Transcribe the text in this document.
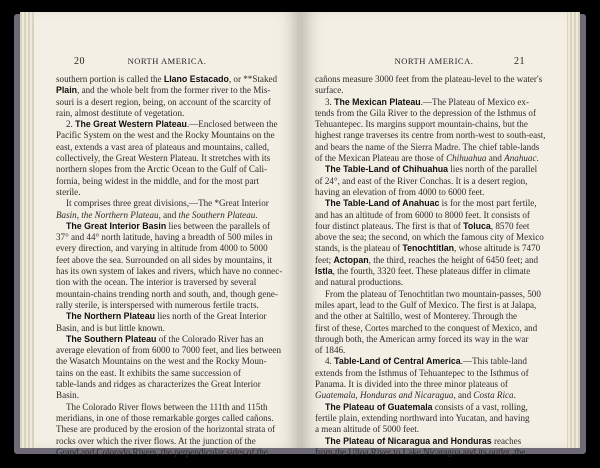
20	NORTH AMERICA.
southern portion is called the Llano Estacado, or **Staked
Plain, and the whole belt from the former river to the Mis-
souri is a desert region, being, on account of the scarcity of
rain, almost destitute of vegetation.
2. The Great Western Plateau.—Enclosed between the
Pacific System on the west and the Rocky Mountains on the
east, extends a vast area of plateaus and mountains, called,
collectively, the Great Western Plateau. It stretches with its
northern slopes from the Arctic Ocean to the Gulf of Cali-
fornia, being widest in the middle, and for the most part
sterile.
It comprises three great divisions,—The *Great Interior
Basin, the Northern Plateau, and the Southern Plateau.
The Great Interior Basin lies between the parallels of
37° and 44° north latitude, having a breadth of 500 miles in
every direction, and varying in altitude from 4000 to 5000
feet above the sea. Surrounded on all sides by mountains, it
has its own system of lakes and rivers, which have no connec-
tion with the ocean. The interior is traversed by several
mountain-chains trending north and south, and, though gene-
rally sterile, is interspersed with numerous fertile tracts.
The Northern Plateau lies north of the Great Interior
Basin, and is but little known.
The Southern Plateau of the Colorado River has an
average elevation of from 6000 to 7000 feet, and lies between
the Wasatch Mountains on the west and the Rocky Moun-
tains on the east. It exhibits the same succession of
table-lands and ridges as characterizes the Great Interior
Basin.
The Colorado River flows between the 111th and 115th
meridians, in one of those remarkable gorges called cañons.
These are produced by the erosion of the horizontal strata of
rocks over which the river flows. At the junction of the
Grand and Colorado Rivers, the perpendicular sides of the
NORTH AMERICA.	21
cañons measure 3000 feet from the plateau-level to the water's
surface.
3. The Mexican Plateau.—The Plateau of Mexico ex-
tends from the Gila River to the depression of the Isthmus of
Tehuantepec. Its margins support mountain-chains, but the
highest range traverses its centre from north-west to south-east,
and bears the name of the Sierra Madre. The chief table-lands
of the Mexican Plateau are those of Chihuahua and Anahuac.
The Table-Land of Chihuahua lies north of the parallel
of 24°, and east of the River Conchas. It is a desert region,
having an elevation of from 4000 to 6000 feet.
The Table-Land of Anahuac is for the most part fertile,
and has an altitude of from 6000 to 8000 feet. It consists of
four distinct plateaus. The first is that of Toluca, 8570 feet
above the sea; the second, on which the famous city of Mexico
stands, is the plateau of Tenochtitlan, whose altitude is 7470
feet; Actopan, the third, reaches the height of 6450 feet; and
Istla, the fourth, 3320 feet. These plateaus differ in climate
and natural productions.
From the plateau of Tenochtitlan two mountain-passes, 500
miles apart, lead to the Gulf of Mexico. The first is at Jalapa,
and the other at Saltillo, west of Monterey. Through the
first of these, Cortes marched to the conquest of Mexico, and
through both, the American army forced its way in the war
of 1846.
4. Table-Land of Central America.—This table-land
extends from the Isthmus of Tehuantepec to the Isthmus of
Panama. It is divided into the three minor plateaus of
Guatemala, Honduras and Nicaragua, and Costa Rica.
The Plateau of Guatemala consists of a vast, rolling,
fertile plain, extending northward into Yucatan, and having
a mean altitude of 5000 feet.
The Plateau of Nicaragua and Honduras reaches
from the Ulloa River to Lake Nicaragua and its outlet, the
